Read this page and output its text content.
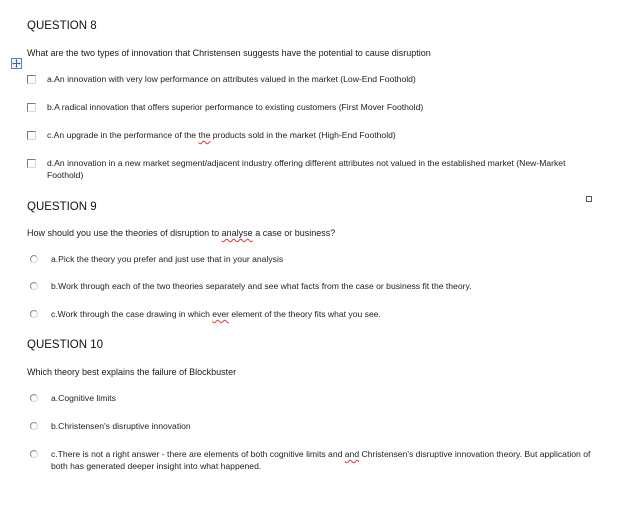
QUESTION 8
What are the two types of innovation that Christensen suggests have the potential to cause disruption
a.An innovation with very low performance on attributes valued in the market (Low-End Foothold)
b.A radical innovation that offers superior performance to existing customers (First Mover Foothold)
c.An upgrade in the performance of the the products sold in the market (High-End Foothold)
d.An innovation in a new market segment/adjacent industry offering different attributes not valued in the established market (New-Market Foothold)
QUESTION 9
How should you use the theories of disruption to analyse a case or business?
a.Pick the theory you prefer and just use that in your analysis
b.Work through each of the two theories separately and see what facts from the case or business fit the theory.
c.Work through the case drawing in which ever element of the theory fits what you see.
QUESTION 10
Which theory best explains the failure of Blockbuster
a.Cognitive limits
b.Christensen's disruptive innovation
c.There is not a right answer - there are elements of both cognitive limits and and Christensen's disruptive innovation theory. But application of both has generated deeper insight into what happened.
